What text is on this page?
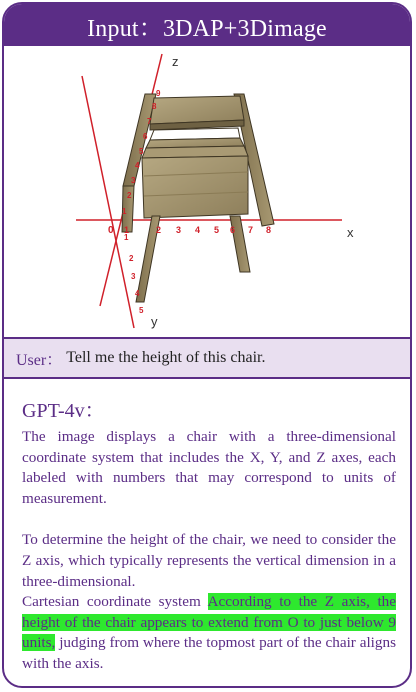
Input：3DAP+3Dimage
0	x
y
z
1	2 3 4 5 6 7 8
1
2
3
4
5
1
2
3
4
5
6
7
8
9
User： Tell me the height of this chair.
GPT-4v：

The image displays a chair with a three-dimensional coordinate system that includes the X, Y, and Z axes, each labeled with numbers that may correspond to units of measurement.

To determine the height of the chair, we need to consider the Z axis, which typically represents the vertical dimension in a three-dimensional.
Cartesian coordinate system According to the Z axis, the height of the chair appears to extend from O to just below 9 units, judging from where the topmost part of the chair aligns with the axis.
